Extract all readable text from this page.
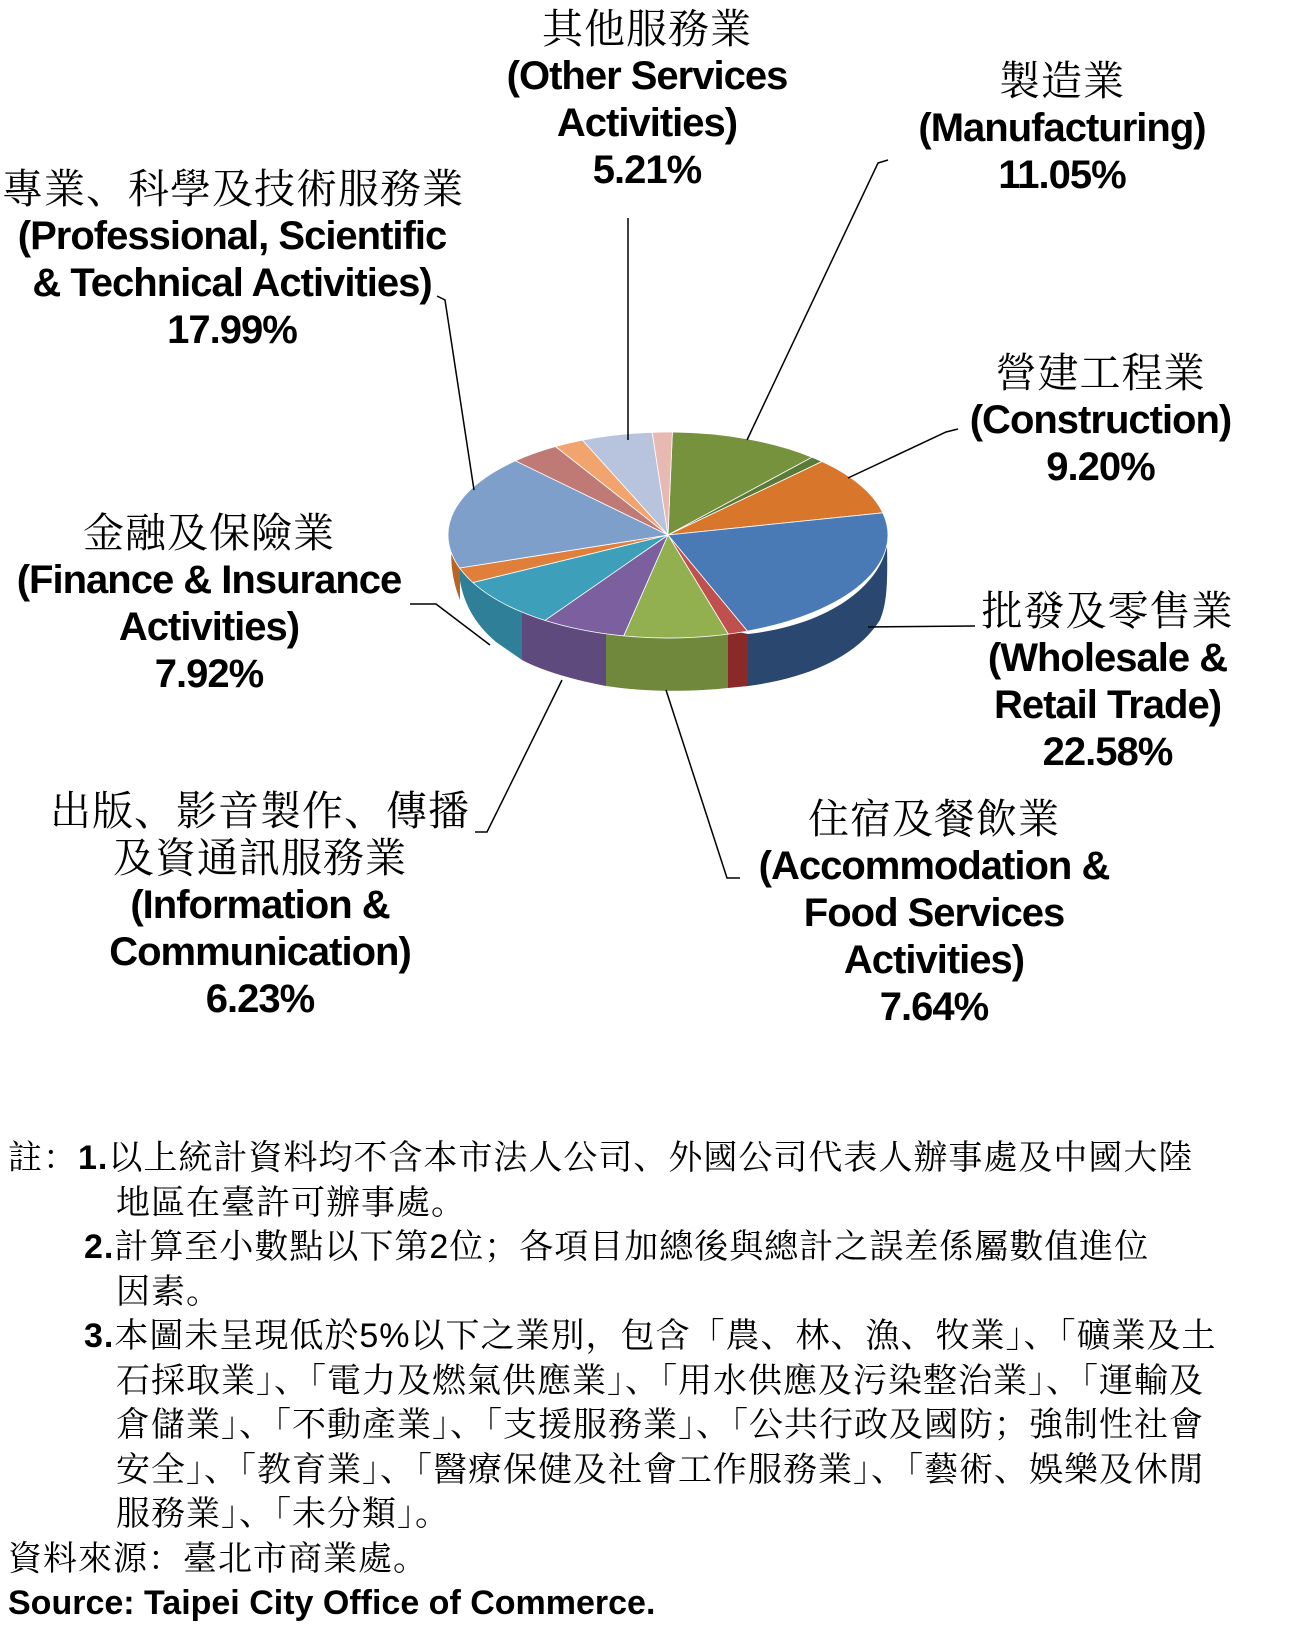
其他服務業
(Other Services
Activities)
5.21%
製造業
(Manufacturing)
11.05%
專業、科學及技術服務業
(Professional, Scientific
& Technical Activities)
17.99%
營建工程業
(Construction)
9.20%
金融及保險業
(Finance & Insurance
Activities)
7.92%
批發及零售業
(Wholesale &
Retail Trade)
22.58%
出版、影音製作、傳播
及資通訊服務業
(Information &
Communication)
6.23%
住宿及餐飲業
(Accommodation &
Food Services
Activities)
7.64%
註： 1. 以上統計資料均不含本市法人公司、外國公司代表人辦事處及中國大陸
地區在臺許可辦事處。
2. 計算至小數點以下第2位；各項目加總後與總計之誤差係屬數值進位
因素。
3. 本圖未呈現低於5%以下之業別，包含「農、林、漁、牧業」、「礦業及土
石採取業」、「電力及燃氣供應業」、「用水供應及污染整治業」、「運輸及
倉儲業」、「不動產業」、「支援服務業」、「公共行政及國防；強制性社會
安全」、「教育業」、「醫療保健及社會工作服務業」、「藝術、娛樂及休閒
服務業」、「未分類」。
資料來源：臺北市商業處。
Source: Taipei City Office of Commerce.
